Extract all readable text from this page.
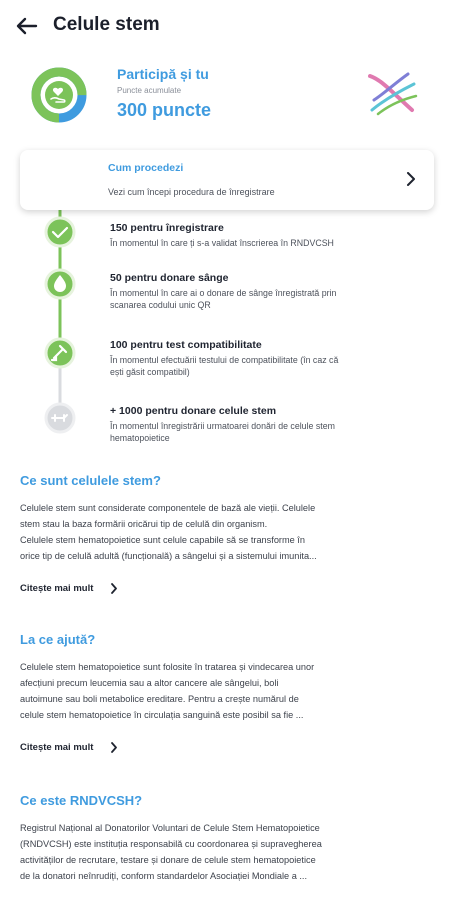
Celule stem
Participă și tu
Puncte acumulate
300 puncte
Cum procedezi
Vezi cum începi procedura de înregistrare
150 pentru înregistrare
În momentul în care ți s-a validat înscrierea în RNDVCSH
50 pentru donare sânge
În momentul în care ai o donare de sânge înregistrată prin
scanarea codului unic QR
100 pentru test compatibilitate
În momentul efectuării testului de compatibilitate (în caz că
ești găsit compatibil)
+ 1000 pentru donare celule stem
În momentul înregistrării urmatoarei donări de celule stem
hematopoietice
Ce sunt celulele stem?
Celulele stem sunt considerate componentele de bază ale vieții. Celulele
stem stau la baza formării oricărui tip de celulă din organism.
Celulele stem hematopoietice sunt celule capabile să se transforme în
orice tip de celulă adultă (funcțională) a sângelui și a sistemului imunita...
Citește mai mult
La ce ajută?
Celulele stem hematopoietice sunt folosite în tratarea și vindecarea unor
afecțiuni precum leucemia sau a altor cancere ale sângelui, boli
autoimune sau boli metabolice ereditare. Pentru a crește numărul de
celule stem hematopoietice în circulația sanguină este posibil sa fie ...
Citește mai mult
Ce este RNDVCSH?
Registrul Național al Donatorilor Voluntari de Celule Stem Hematopoietice
(RNDVCSH) este instituția responsabilă cu coordonarea și supravegherea
activităților de recrutare, testare și donare de celule stem hematopoietice
de la donatori neînrudiți, conform standardelor Asociației Mondiale a ...
